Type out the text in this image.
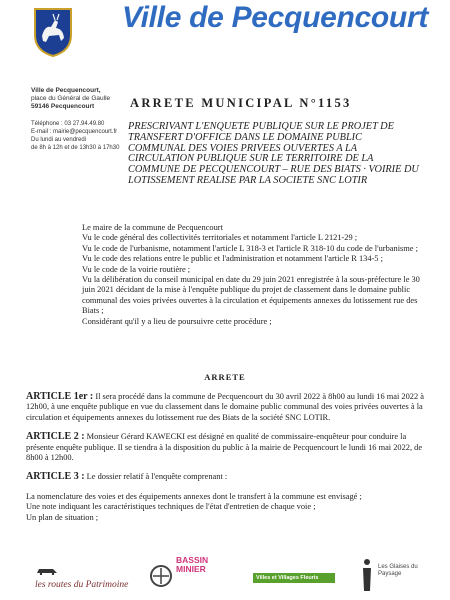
Ville de Pecquencourt
Ville de Pecquencourt,
place du Général de Gaulle
59146 Pecquencourt
Téléphone : 03 27.94.49.80
E-mail : mairie@pecquencourt.fr
Du lundi au vendredi
de 8h à 12h et de 13h30 à 17h30
ARRETE MUNICIPAL N°1153
PRESCRIVANT L'ENQUETE PUBLIQUE SUR LE PROJET DE TRANSFERT D'OFFICE DANS LE DOMAINE PUBLIC COMMUNAL DES VOIES PRIVEES OUVERTES A LA CIRCULATION PUBLIQUE SUR LE TERRITOIRE DE LA COMMUNE DE PECQUENCOURT – RUE DES BIATS · VOIRIE DU LOTISSEMENT REALISE PAR LA SOCIETE SNC LOTIR

Le maire de la commune de Pecquencourt

Vu le code général des collectivités territoriales et notamment l'article L 2121-29 ;

Vu le code de l'urbanisme, notamment l'article L 318-3 et l'article R 318-10 du code de l'urbanisme ;

Vu le code des relations entre le public et l'administration et notamment l'article R 134-5 ;

Vu le code de la voirie routière ;

Vu la délibération du conseil municipal en date du 29 juin 2021 enregistrée à la sous-préfecture le 30 juin 2021 décidant de la mise à l'enquête publique du projet de classement dans le domaine public communal des voies privées ouvertes à la circulation et équipements annexes du lotissement rue des Biats ;

Considérant qu'il y a lieu de poursuivre cette procédure ;

ARRETE
ARTICLE 1er : Il sera procédé dans la commune de Pecquencourt du 30 avril 2022 à 8h00 au lundi 16 mai 2022 à 12h00, à une enquête publique en vue du classement dans le domaine public communal des voies privées ouvertes à la circulation et équipements annexes du lotissement rue des Biats de la société SNC LOTIR.
ARTICLE 2 : Monsieur Gérard KAWECKI est désigné en qualité de commissaire-enquêteur pour conduire la présente enquête publique. Il se tiendra à la disposition du public à la mairie de Pecquencourt le lundi 16 mai 2022, de 8h00 à 12h00.
ARTICLE 3 : Le dossier relatif à l'enquête comprenant :
La nomenclature des voies et des équipements annexes dont le transfert à la commune est envisagé ;
Une note indiquant les caractéristiques techniques de l'état d'entretien de chaque voie ;
Un plan de situation ;
les routes du Patrimoine
BASSIN
MINIER
Villes et Villages Fleuris
Les Glaises du Paysage
